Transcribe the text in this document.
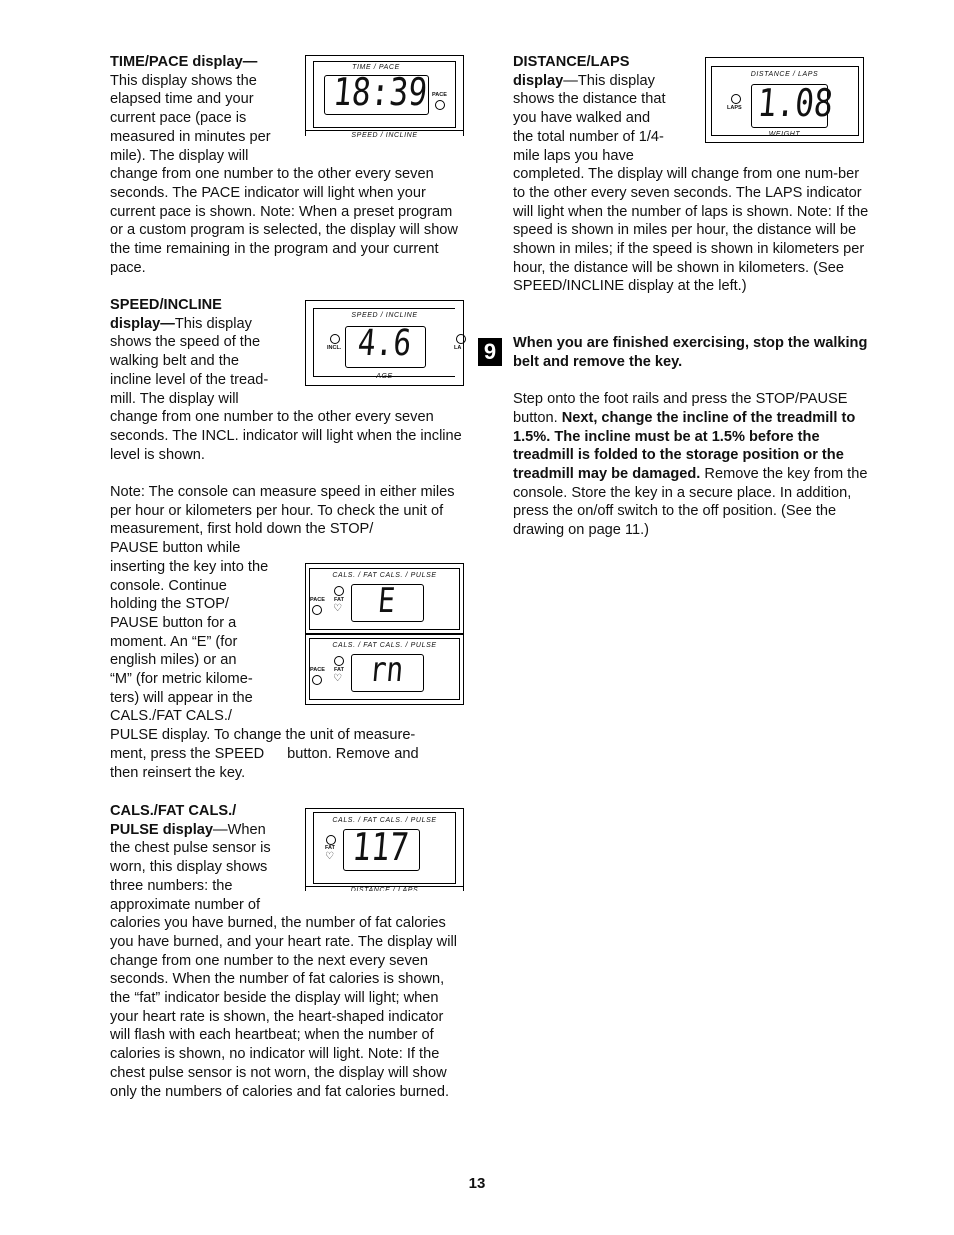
TIME/PACE display—

This display shows the

elapsed time and your

current pace (pace is

measured in minutes per

mile). The display will

change from one number to the other every seven seconds. The PACE indicator will light when your current pace is shown. Note: When a preset program or a custom program is selected, the display will show the time remaining in the program and your current pace.

TIME / PACE
18:39 PACE
SPEED / INCLINE

SPEED/INCLINE

display—This display

shows the speed of the

walking belt and the

incline level of the tread-

mill. The display will

change from one number to the other every seven seconds. The INCL. indicator will light when the incline level is shown.

SPEED / INCLINE
4.6
INCL.	LA
AGE

Note: The console can measure speed in either miles per hour or kilometers per hour. To check the unit of measurement, first hold down the STOP/

PAUSE button while

inserting the key into the

console. Continue

holding the STOP/

PAUSE button for a

moment. An “E” (for

english miles) or an

“M” (for metric kilome-

ters) will appear in the

CALS./FAT CALS./

PULSE display. To change the unit of measure-

ment, press the SPEED button. Remove and

then reinsert the key.

CALS. / FAT CALS. / PULSE
E
PACE FAT
♡
CALS. / FAT CALS. / PULSE
rn
PACE FAT
♡

CALS./FAT CALS./

PULSE display—When

the chest pulse sensor is

worn, this display shows

three numbers: the

approximate number of

calories you have burned, the number of fat calories you have burned, and your heart rate. The display will change from one number to the next every seven seconds. When the number of fat calories is shown, the “fat” indicator beside the display will light; when your heart rate is shown, the heart-shaped indicator will flash with each heartbeat; when the number of calories is shown, no indicator will light. Note: If the chest pulse sensor is not worn, the display will show only the numbers of calories and fat calories burned.

CALS. / FAT CALS. / PULSE
117
FAT
♡
DISTANCE / LAPS

DISTANCE/LAPS

display—This display

shows the distance that

you have walked and

the total number of 1/4-

mile laps you have

completed. The display will change from one num-ber to the other every seven seconds. The LAPS indicator will light when the number of laps is shown. Note: If the speed is shown in miles per hour, the distance will be shown in miles; if the speed is shown in kilometers per hour, the distance will be shown in kilometers. (See SPEED/INCLINE display at the left.)

DISTANCE / LAPS
1.08
LAPS
WEIGHT
9	When you are finished exercising, stop the walking belt and remove the key.

Step onto the foot rails and press the STOP/PAUSE button. Next, change the incline of the treadmill to 1.5%. The incline must be at 1.5% before the treadmill is folded to the storage position or the treadmill may be damaged. Remove the key from the console. Store the key in a secure place. In addition, press the on/off switch to the off position. (See the drawing on page 11.)

13
